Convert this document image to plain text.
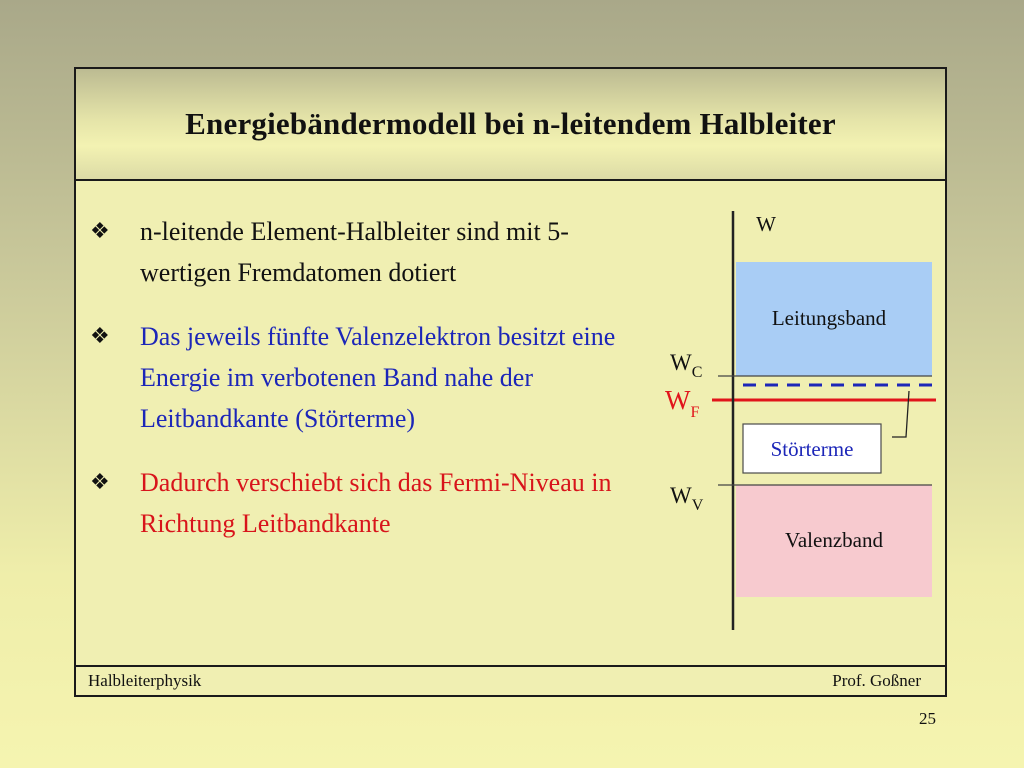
Energiebändermodell bei n-leitendem Halbleiter
❖ n-leitende Element-Halbleiter sind mit 5-wertigen Fremdatomen dotiert
❖ Das jeweils fünfte Valenzelektron besitzt eine Energie im verbotenen Band nahe der Leitbandkante (Störterme)
❖ Dadurch verschiebt sich das Fermi-Niveau in Richtung Leitbandkante
Leitungsband
Valenzband
Störterme
W
$W_C$
$W_F$
$W_V$
Halbleiterphysik	Prof. Goßner
25
